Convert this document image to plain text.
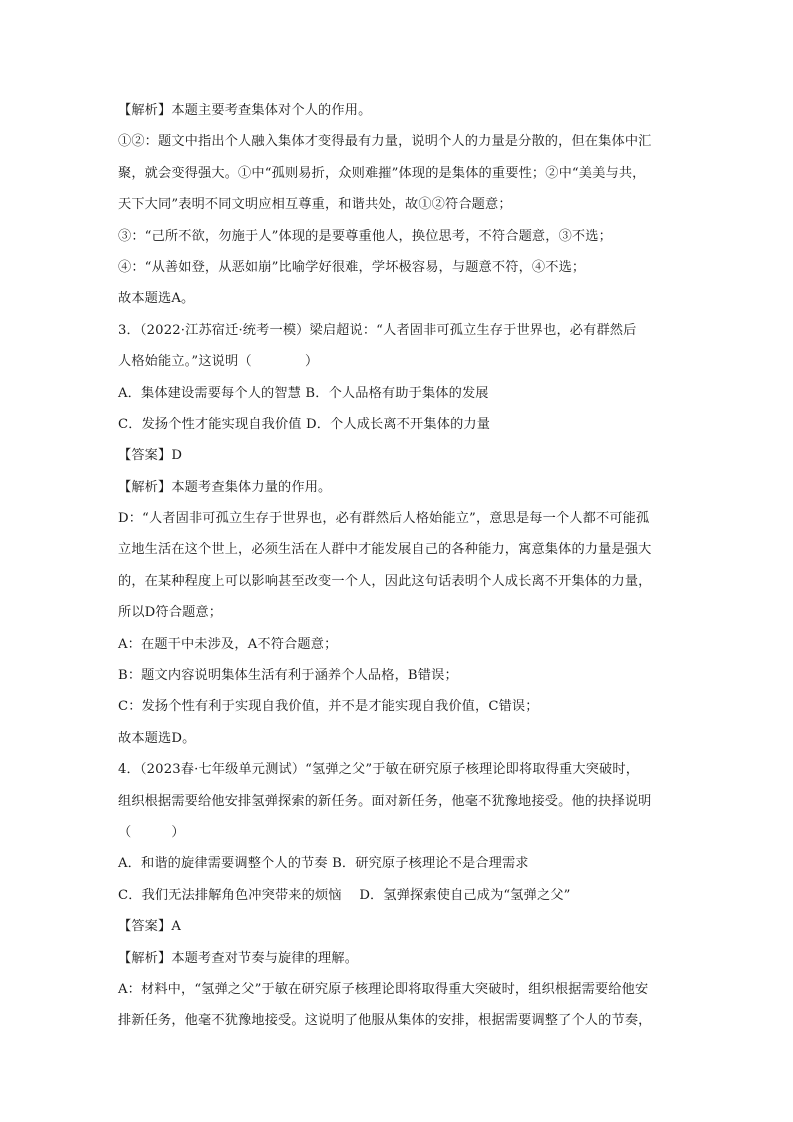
【解析】本题主要考查集体对个人的作用。
①②：题文中指出个人融入集体才变得最有力量，说明个人的力量是分散的，但在集体中汇
聚，就会变得强大。①中“孤则易折，众则难摧”体现的是集体的重要性；②中“美美与共，
天下大同”表明不同文明应相互尊重，和谐共处，故①②符合题意；
③：“己所不欲，勿施于人”体现的是要尊重他人，换位思考，不符合题意，③不选；
④：“从善如登，从恶如崩”比喻学好很难，学坏极容易，与题意不符，④不选；
故本题选A。
3．（2022·江苏宿迁·统考一模）梁启超说：“人者固非可孤立生存于世界也，必有群然后
人格始能立。”这说明（　　　　）
A．集体建设需要每个人的智慧 B．个人品格有助于集体的发展
C．发扬个性才能实现自我价值 D．个人成长离不开集体的力量
【答案】D
【解析】本题考查集体力量的作用。
D：“人者固非可孤立生存于世界也，必有群然后人格始能立”，意思是每一个人都不可能孤
立地生活在这个世上，必须生活在人群中才能发展自己的各种能力，寓意集体的力量是强大
的，在某种程度上可以影响甚至改变一个人，因此这句话表明个人成长离不开集体的力量，
所以D符合题意；
A：在题干中未涉及，A不符合题意；
B：题文内容说明集体生活有利于涵养个人品格，B错误；
C：发扬个性有利于实现自我价值，并不是才能实现自我价值，C错误；
故本题选D。
4．（2023春·七年级单元测试）“氢弹之父”于敏在研究原子核理论即将取得重大突破时，
组织根据需要给他安排氢弹探索的新任务。面对新任务，他毫不犹豫地接受。他的抉择说明
（　　　）
A．和谐的旋律需要调整个人的节奏 B．研究原子核理论不是合理需求
C．我们无法排解角色冲突带来的烦恼　 D．氢弹探索使自己成为“氢弹之父”
【答案】A
【解析】本题考查对节奏与旋律的理解。
A：材料中，“氢弹之父”于敏在研究原子核理论即将取得重大突破时，组织根据需要给他安
排新任务，他毫不犹豫地接受。这说明了他服从集体的安排，根据需要调整了个人的节奏，
